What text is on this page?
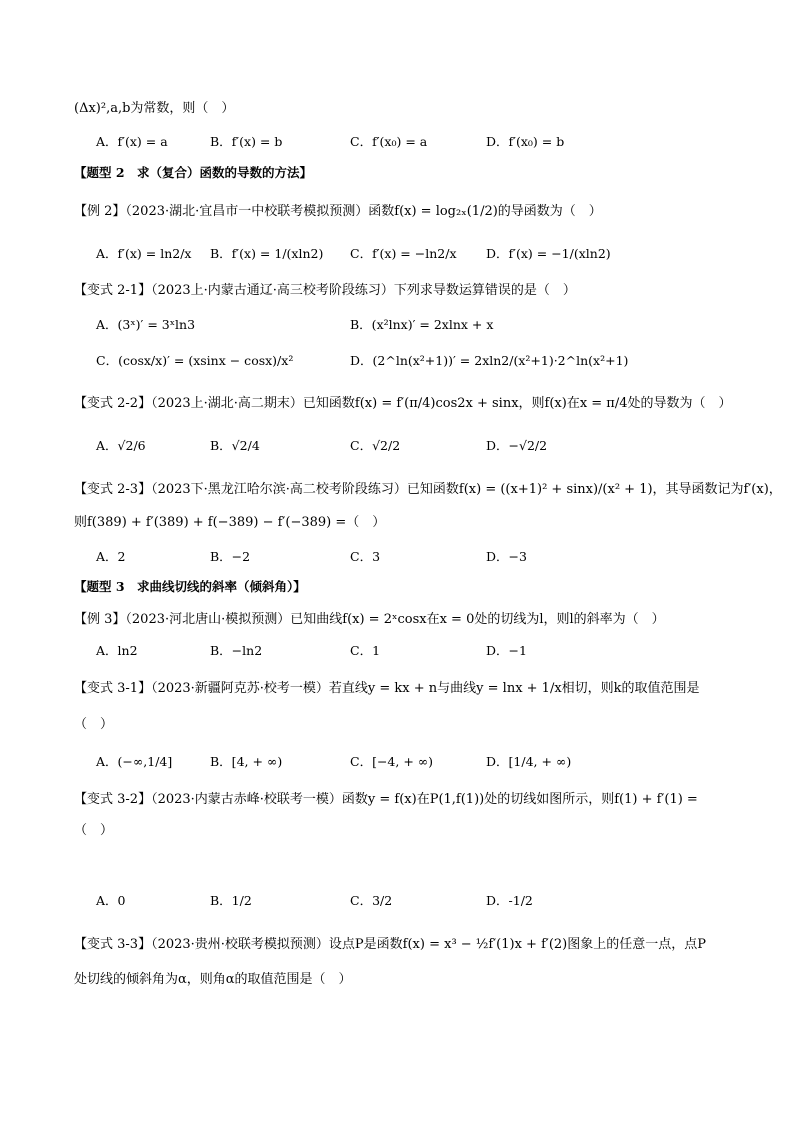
(Δx)²,a,b为常数，则（　）
A．f′(x) = a	B．f′(x) = b	C．f′(x₀) = a	D．f′(x₀) = b
【题型 2　求（复合）函数的导数的方法】
【例 2】（2023·湖北·宜昌市一中校联考模拟预测）函数f(x) = log₂ₓ(1/2)的导函数为（　）
A．f′(x) = ln2/x B．f′(x) = 1/(xln2) C．f′(x) = −ln2/x D．f′(x) = −1/(xln2)
【变式 2-1】（2023上·内蒙古通辽·高三校考阶段练习）下列求导数运算错误的是（　）
A．(3ˣ)′ = 3ˣln3	B．(x²lnx)′ = 2xlnx + x
C．(cosx/x)′ = (xsinx − cosx)/x²	D．(2^ln(x²+1))′ = 2xln2/(x²+1)·2^ln(x²+1)
【变式 2-2】（2023上·湖北·高二期末）已知函数f(x) = f′(π/4)cos2x + sinx，则f(x)在x = π/4处的导数为（　）
A．√2/6	B．√2/4	C．√2/2	D．−√2/2
【变式 2-3】（2023下·黑龙江哈尔滨·高二校考阶段练习）已知函数f(x) = ((x+1)² + sinx)/(x² + 1)，其导函数记为f′(x)，
则f(389) + f′(389) + f(−389) − f′(−389) =（　）
A．2	B．−2	C．3	D．−3
【题型 3　求曲线切线的斜率（倾斜角）】
【例 3】（2023·河北唐山·模拟预测）已知曲线f(x) = 2ˣcosx在x = 0处的切线为l，则l的斜率为（　）
A．ln2	B．−ln2	C．1	D．−1
【变式 3-1】（2023·新疆阿克苏·校考一模）若直线y = kx + n与曲线y = lnx + 1/x相切，则k的取值范围是
（　）
A．(−∞,1/4]	B．[4, + ∞)	C．[−4, + ∞)	D．[1/4, + ∞)
【变式 3-2】（2023·内蒙古赤峰·校联考一模）函数y = f(x)在P(1,f(1))处的切线如图所示，则f(1) + f′(1) =
（　）
A．0	B．1/2	C．3/2	D．-1/2
【变式 3-3】（2023·贵州·校联考模拟预测）设点P是函数f(x) = x³ − ½f′(1)x + f′(2)图象上的任意一点，点P
处切线的倾斜角为α，则角α的取值范围是（　）
